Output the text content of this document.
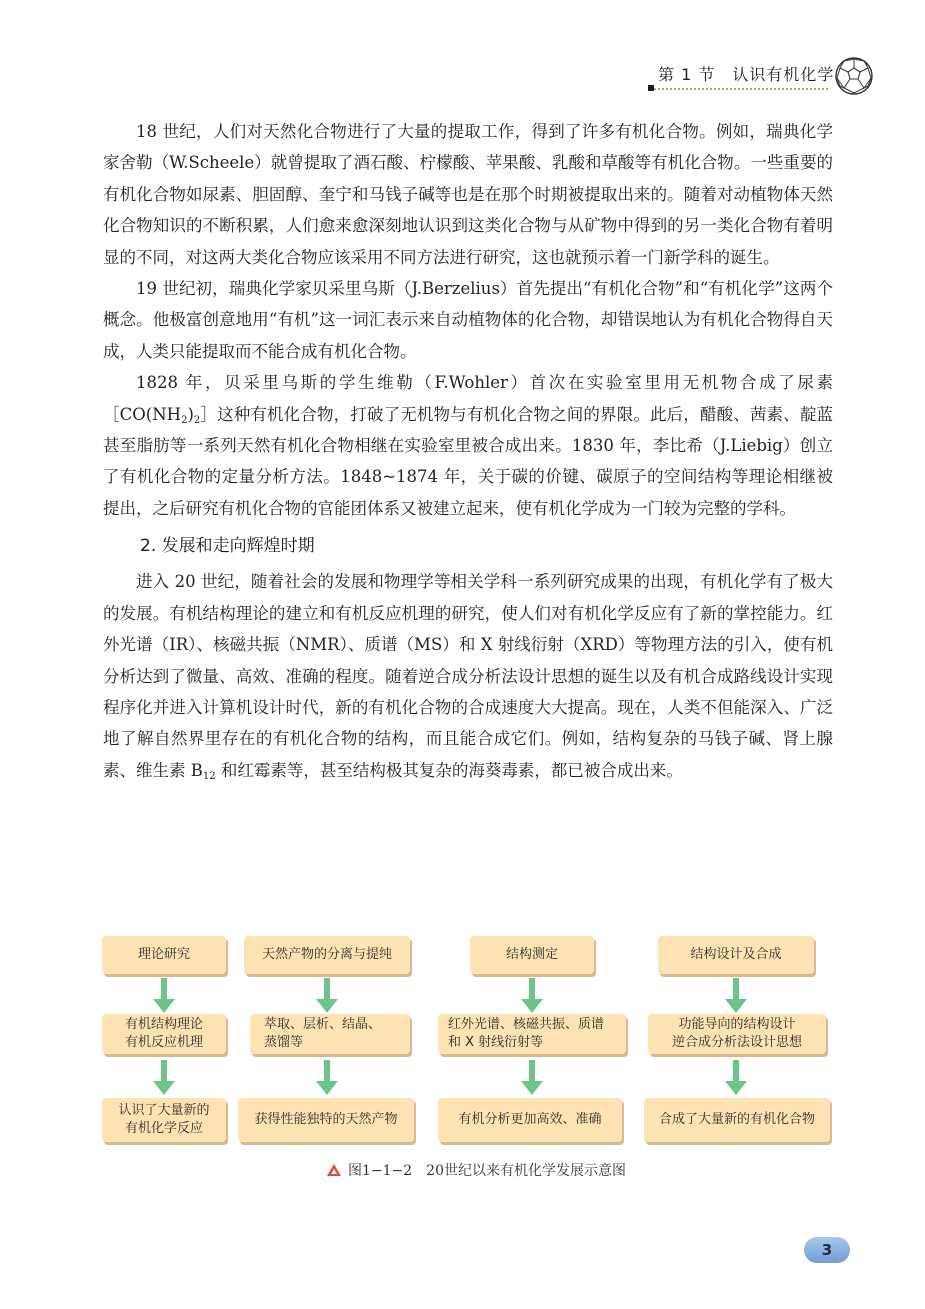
第 1 节　认识有机化学

18 世纪，人们对天然化合物进行了大量的提取工作，得到了许多有机化合物。例如，瑞典化学家舍勒（W.Scheele）就曾提取了酒石酸、柠檬酸、苹果酸、乳酸和草酸等有机化合物。一些重要的有机化合物如尿素、胆固醇、奎宁和马钱子碱等也是在那个时期被提取出来的。随着对动植物体天然化合物知识的不断积累，人们愈来愈深刻地认识到这类化合物与从矿物中得到的另一类化合物有着明显的不同，对这两大类化合物应该采用不同方法进行研究，这也就预示着一门新学科的诞生。

19 世纪初，瑞典化学家贝采里乌斯（J.Berzelius）首先提出“有机化合物”和“有机化学”这两个概念。他极富创意地用“有机”这一词汇表示来自动植物体的化合物，却错误地认为有机化合物得自天成，人类只能提取而不能合成有机化合物。

1828 年，贝采里乌斯的学生维勒（F.Wohler）首次在实验室里用无机物合成了尿素$[CO(NH_2)_2]$这种有机化合物，打破了无机物与有机化合物之间的界限。此后，醋酸、茜素、靛蓝甚至脂肪等一系列天然有机化合物相继在实验室里被合成出来。1830 年，李比希（J.Liebig）创立了有机化合物的定量分析方法。1848~1874 年，关于碳的价键、碳原子的空间结构等理论相继被提出，之后研究有机化合物的官能团体系又被建立起来，使有机化学成为一门较为完整的学科。

2. 发展和走向辉煌时期

进入 20 世纪，随着社会的发展和物理学等相关学科一系列研究成果的出现，有机化学有了极大的发展。有机结构理论的建立和有机反应机理的研究，使人们对有机化学反应有了新的掌控能力。红外光谱（IR）、核磁共振（NMR）、质谱（MS）和 X 射线衍射（XRD）等物理方法的引入，使有机分析达到了微量、高效、准确的程度。随着逆合成分析法设计思想的诞生以及有机合成路线设计实现程序化并进入计算机设计时代，新的有机化合物的合成速度大大提高。现在，人类不但能深入、广泛地了解自然界里存在的有机化合物的结构，而且能合成它们。例如，结构复杂的马钱子碱、肾上腺素、维生素 $B_{12}$ 和红霉素等，甚至结构极其复杂的海葵毒素，都已被合成出来。

理论研究
有机结构理论
有机反应机理
认识了大量新的
有机化学反应
天然产物的分离与提纯
萃取、层析、结晶、
蒸馏等
获得性能独特的天然产物
结构测定
红外光谱、核磁共振、质谱
和 X 射线衍射等
有机分析更加高效、准确
结构设计及合成
功能导向的结构设计
逆合成分析法设计思想
合成了大量新的有机化合物
图1−1−2　20世纪以来有机化学发展示意图
3
